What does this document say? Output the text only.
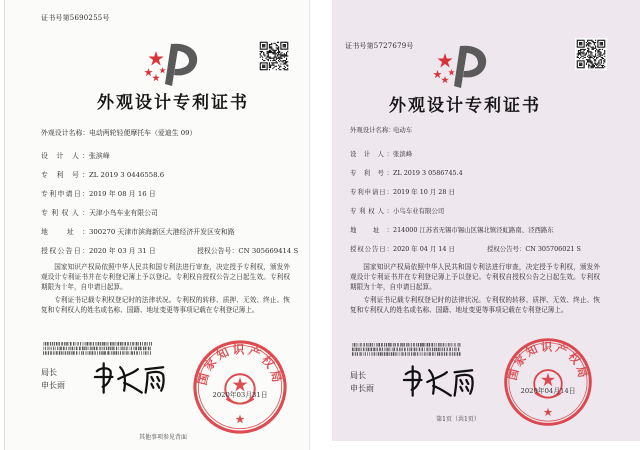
证书号第5690255号
外观设计专利证书
外观设计名称：电动两轮轻便摩托车（爱迪生 09）
设 计 人：张滨峰
专 利 号：ZL 2019 3 0446558.6
专利申请日：2019 年 08 月 16 日
专利权人：天津小鸟车业有限公司
地 址：300270 天津市滨海新区大港经济开发区安和路
授权公告日：2020 年 03 月 31 日	授权公告号：CN 305669414 S

国家知识产权局依照中华人民共和国专利法进行审查，决定授予专利权，颁发外观设计专利证书并在专利登记簿上予以登记。专利权自授权公告之日起生效。专利权期限为十年，自申请日起算。

专利证书记载专利权登记时的法律状况。专利权的转移、质押、无效、终止、恢复和专利权人的姓名或名称、国籍、地址变更等事项记载在专利登记簿上。

局长
申长雨	国家知识产权局
2020年03月31日
其他事项参见背面
证书号第5727679号
外观设计专利证书
外观设计名称：电动车
设 计 人：张滨峰
专 利 号：ZL 2019 3 0586745.4
专利申请日：2019 年 10 月 28 日
专利权人：小鸟车业有限公司
地 址：214000 江苏省无锡市锡山区锡北镇泾虹路南、泾西路东
授权公告日：2020 年 04 月 14 日	授权公告号：CN 305706021 S

国家知识产权局依照中华人民共和国专利法进行审查，决定授予专利权，颁发外观设计专利证书并在专利登记簿上予以登记。专利权自授权公告之日起生效。专利权期限为十年，自申请日起算。

专利证书记载专利权登记时的法律状况。专利权的转移、质押、无效、终止、恢复和专利权人的姓名或名称、国籍、地址变更等事项记载在专利登记簿上。

局长
申长雨
国家知识产权局
2020年04月14日
第1页（共1页）
